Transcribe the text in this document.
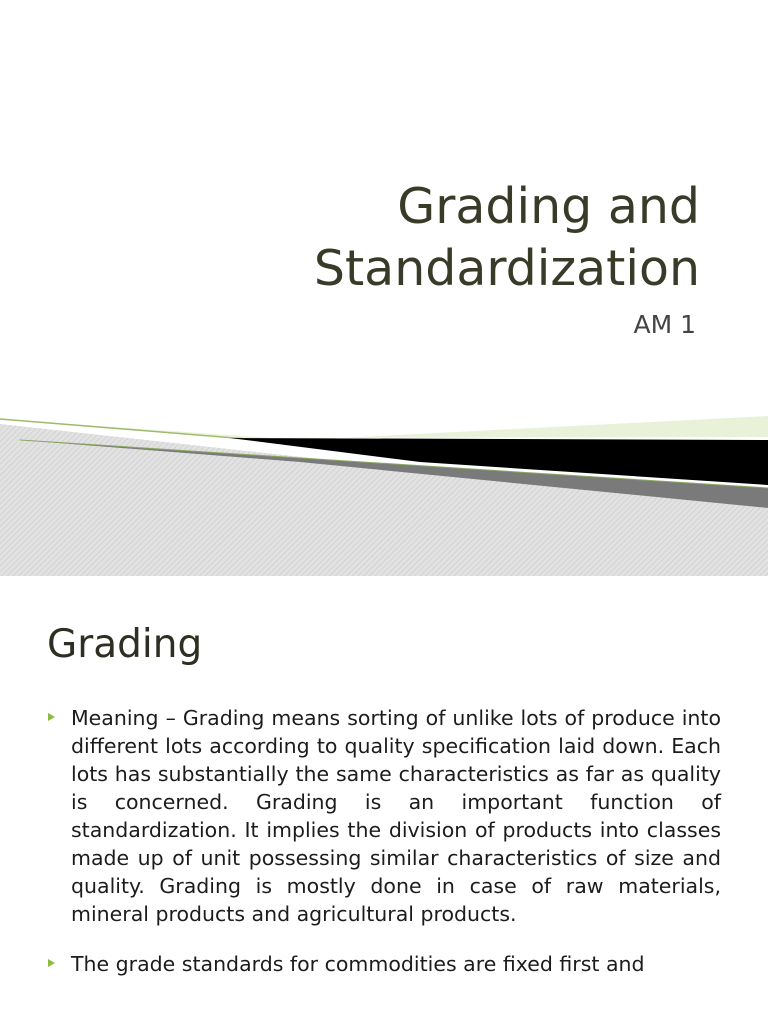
Grading and
Standardization

AM 1

Grading
Meaning – Grading means sorting of unlike lots of produce into different lots according to quality specification laid down. Each lots has substantially the same characteristics as far as quality is concerned. Grading is an important function of standardization. It implies the division of products into classes made up of unit possessing similar characteristics of size and quality. Grading is mostly done in case of raw materials, mineral products and agricultural products.
The grade standards for commodities are fixed first and
